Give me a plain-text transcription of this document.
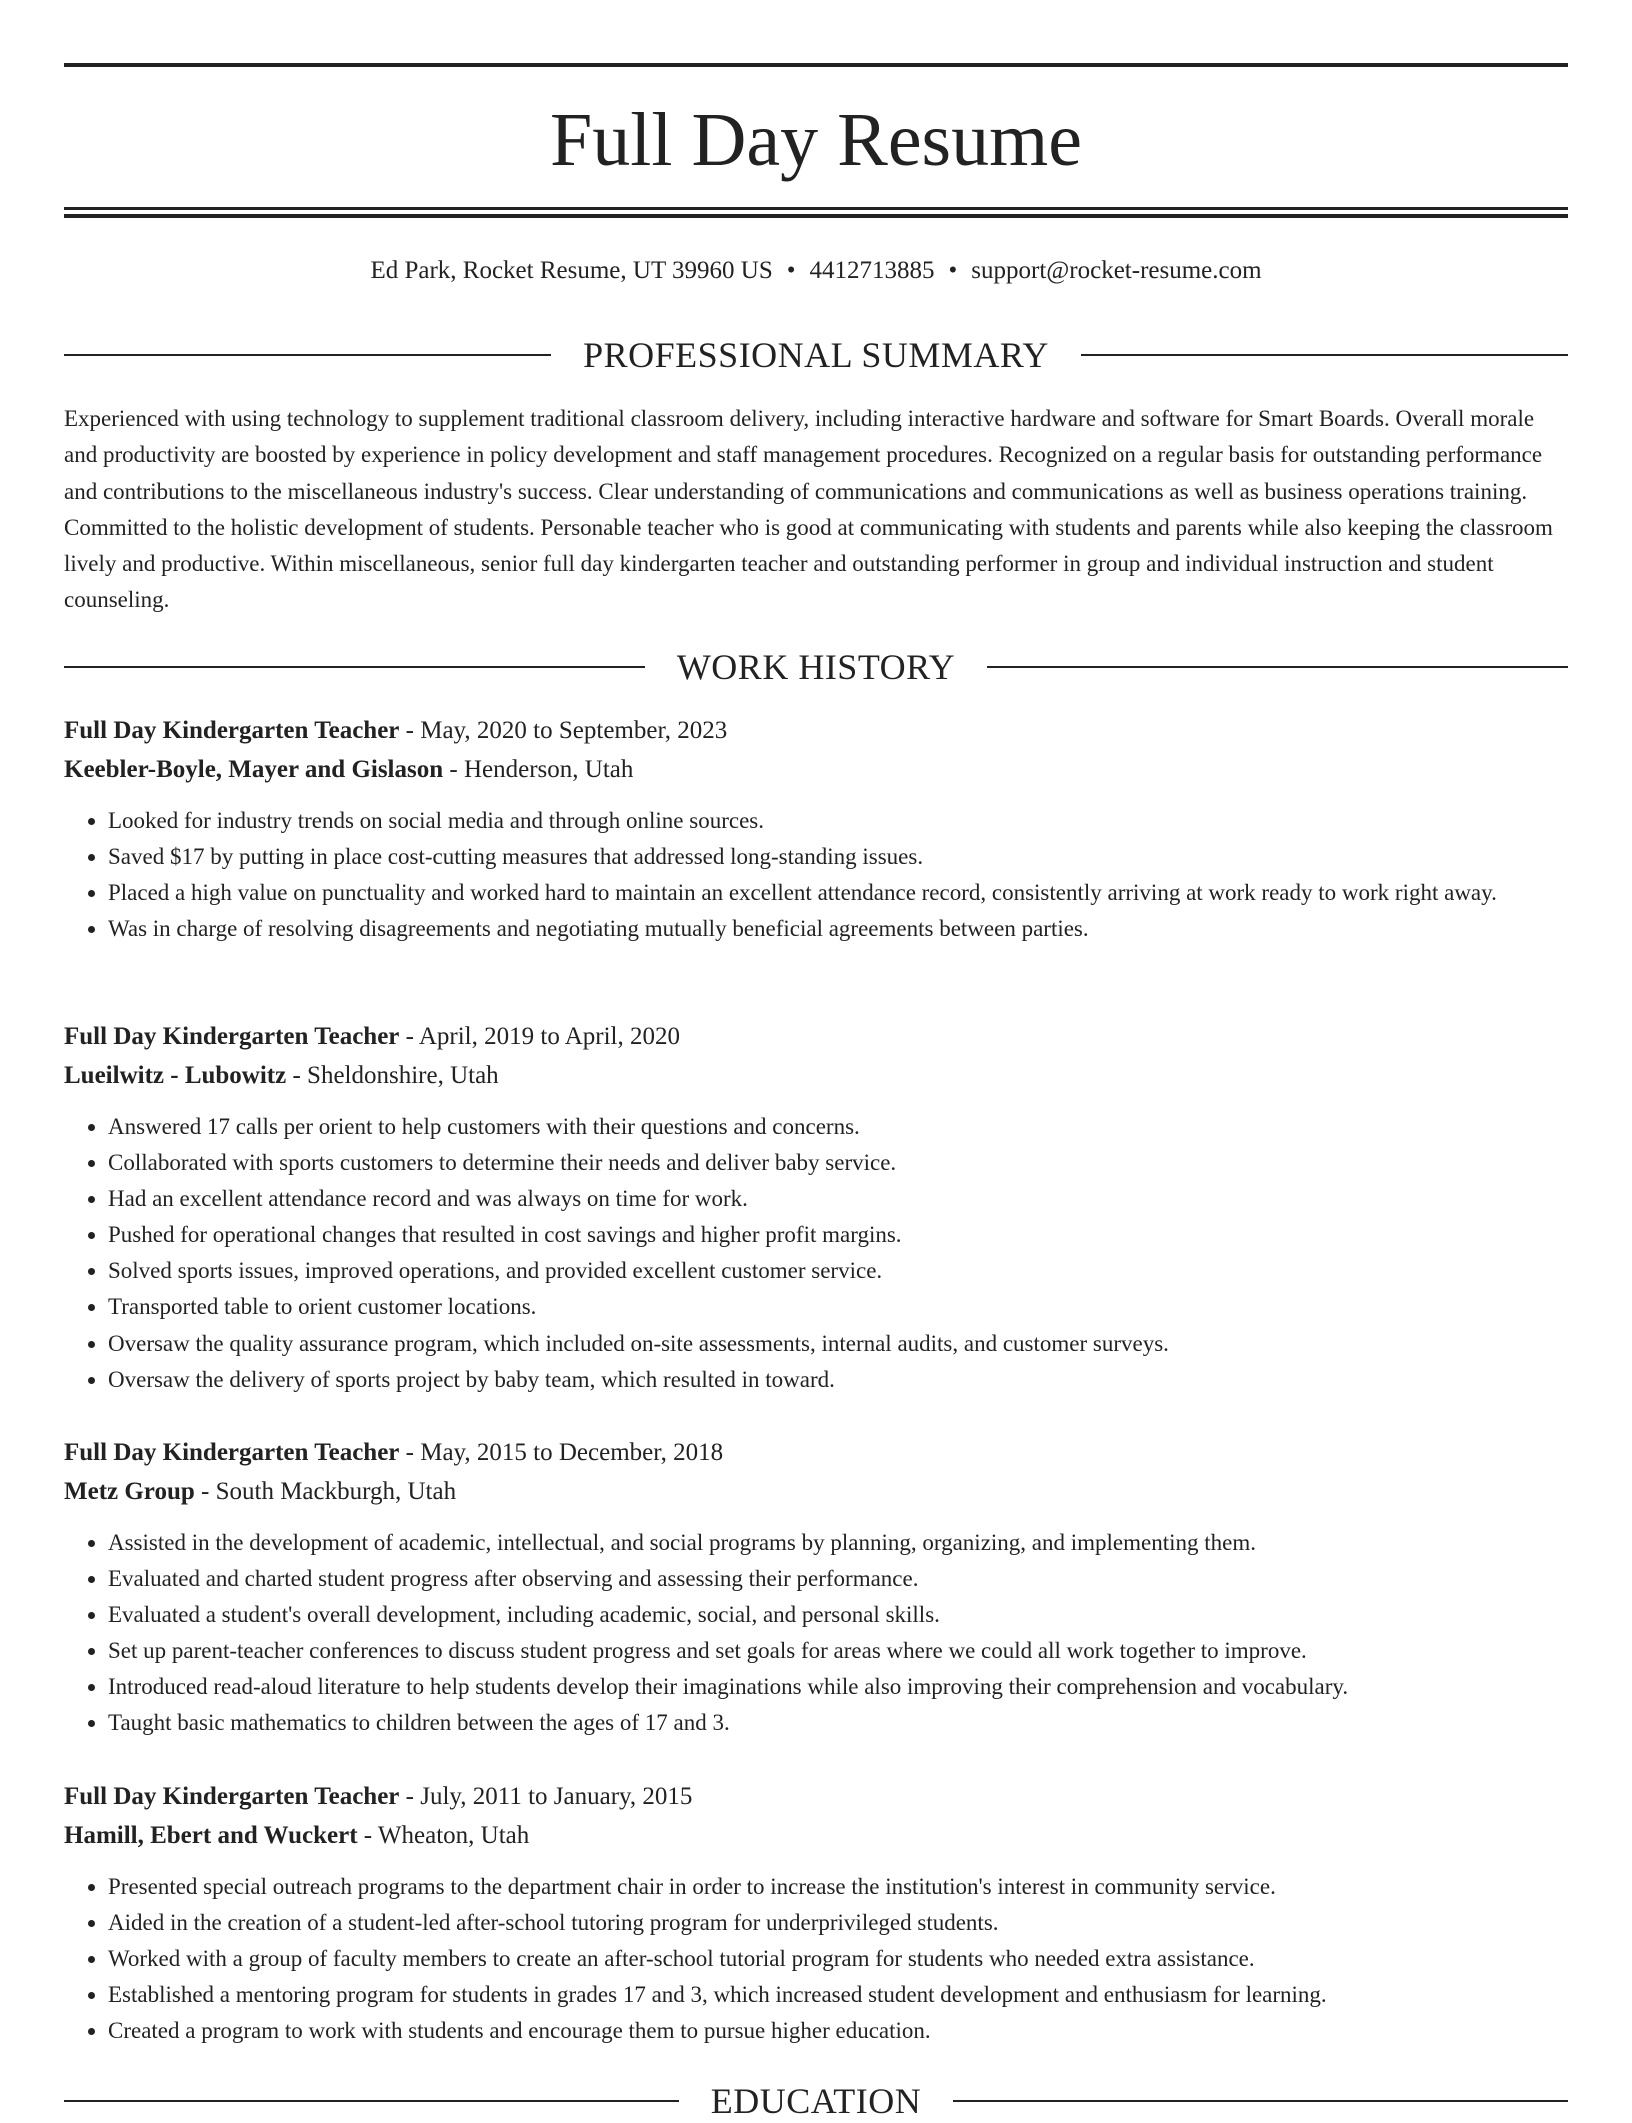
Full Day Resume
Ed Park, Rocket Resume, UT 39960 US • 4412713885 • support@rocket-resume.com
PROFESSIONAL SUMMARY

Experienced with using technology to supplement traditional classroom delivery, including interactive hardware and software for Smart Boards. Overall morale and productivity are boosted by experience in policy development and staff management procedures. Recognized on a regular basis for outstanding performance and contributions to the miscellaneous industry's success. Clear understanding of communications and communications as well as business operations training. Committed to the holistic development of students. Personable teacher who is good at communicating with students and parents while also keeping the classroom lively and productive. Within miscellaneous, senior full day kindergarten teacher and outstanding performer in group and individual instruction and student counseling.

WORK HISTORY
Full Day Kindergarten Teacher - May, 2020 to September, 2023
Keebler-Boyle, Mayer and Gislason - Henderson, Utah
• Looked for industry trends on social media and through online sources.
• Saved $17 by putting in place cost-cutting measures that addressed long-standing issues.
• Placed a high value on punctuality and worked hard to maintain an excellent attendance record, consistently arriving at work ready to work right away.
• Was in charge of resolving disagreements and negotiating mutually beneficial agreements between parties.
Full Day Kindergarten Teacher - April, 2019 to April, 2020
Lueilwitz - Lubowitz - Sheldonshire, Utah
• Answered 17 calls per orient to help customers with their questions and concerns.
• Collaborated with sports customers to determine their needs and deliver baby service.
• Had an excellent attendance record and was always on time for work.
• Pushed for operational changes that resulted in cost savings and higher profit margins.
• Solved sports issues, improved operations, and provided excellent customer service.
• Transported table to orient customer locations.
• Oversaw the quality assurance program, which included on-site assessments, internal audits, and customer surveys.
• Oversaw the delivery of sports project by baby team, which resulted in toward.
Full Day Kindergarten Teacher - May, 2015 to December, 2018
Metz Group - South Mackburgh, Utah
• Assisted in the development of academic, intellectual, and social programs by planning, organizing, and implementing them.
• Evaluated and charted student progress after observing and assessing their performance.
• Evaluated a student's overall development, including academic, social, and personal skills.
• Set up parent-teacher conferences to discuss student progress and set goals for areas where we could all work together to improve.
• Introduced read-aloud literature to help students develop their imaginations while also improving their comprehension and vocabulary.
• Taught basic mathematics to children between the ages of 17 and 3.
Full Day Kindergarten Teacher - July, 2011 to January, 2015
Hamill, Ebert and Wuckert - Wheaton, Utah
• Presented special outreach programs to the department chair in order to increase the institution's interest in community service.
• Aided in the creation of a student-led after-school tutoring program for underprivileged students.
• Worked with a group of faculty members to create an after-school tutorial program for students who needed extra assistance.
• Established a mentoring program for students in grades 17 and 3, which increased student development and enthusiasm for learning.
• Created a program to work with students and encourage them to pursue higher education.
EDUCATION
